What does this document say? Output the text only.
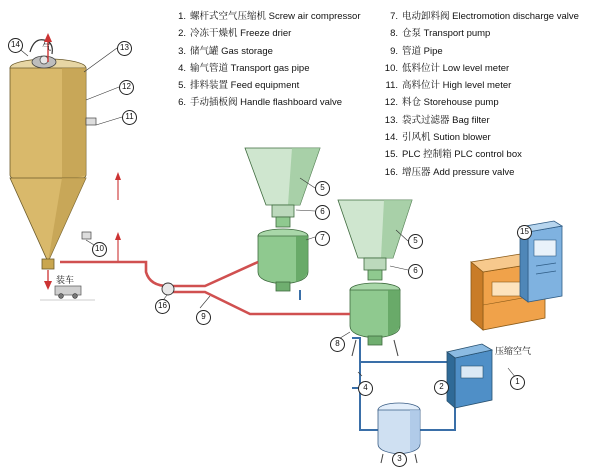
1. 螺杆式空气压缩机 Screw air compressor
2. 冷冻干燥机 Freeze drier
3. 储气罐 Gas storage
4. 输气管道 Transport gas pipe
5. 排料装置 Feed equipment
6. 手动插板阀 Handle flashboard valve
7. 电动卸料阀 Electromotion discharge valve
8. 仓泵 Transport pump
9. 管道 Pipe
10. 低料位计 Low level meter
11. 高料位计 High level meter
12. 料仓 Storehouse pump
13. 袋式过滤器 Bag filter
14. 引风机 Sution blower
15. PLC 控制箱 PLC control box
16. 增压器 Add pressure valve
气
装车
压缩空气
14	13
12
11
10
5
6
7	5
6
15
16
9
8
4	2
1
3
